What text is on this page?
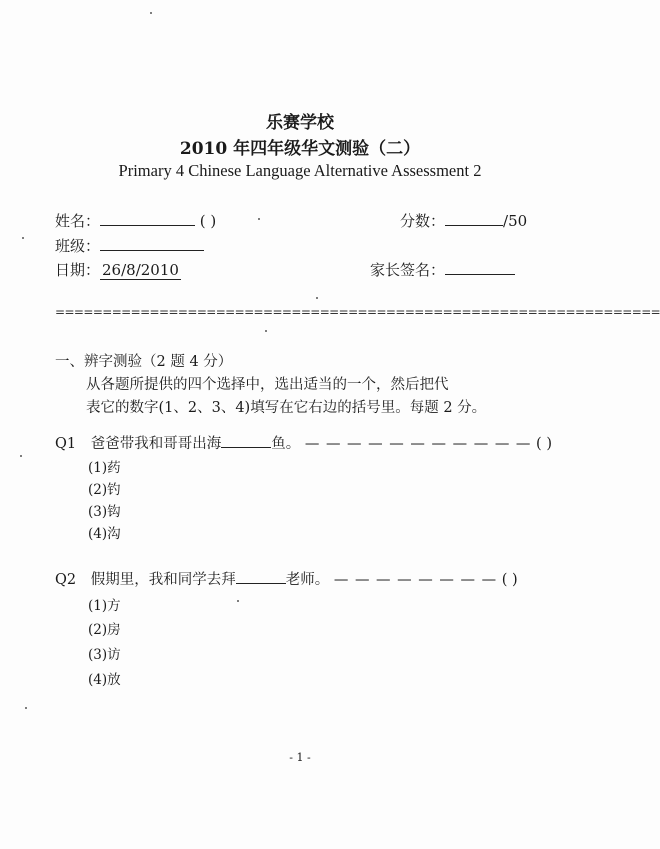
乐赛学校
2010 年四年级华文测验（二）
Primary 4 Chinese Language Alternative Assessment 2
姓名：	( )	分数：	/50
班级：
日期： 26/8/2010	家长签名：
================================================================
一、辨字测验（2 题 4 分）
从各题所提供的四个选择中，选出适当的一个，然后把代
表它的数字(1、2、3、4)填写在它右边的括号里。每题 2 分。
Q1 爸爸带我和哥哥出海	鱼。 — — — — — — — — — — — ( )
(1)药
(2)钓
(3)钩
(4)沟
Q2 假期里，我和同学去拜	老师。 — — — — — — — — ( )
(1)方
(2)房
(3)访
(4)放
- 1 -
